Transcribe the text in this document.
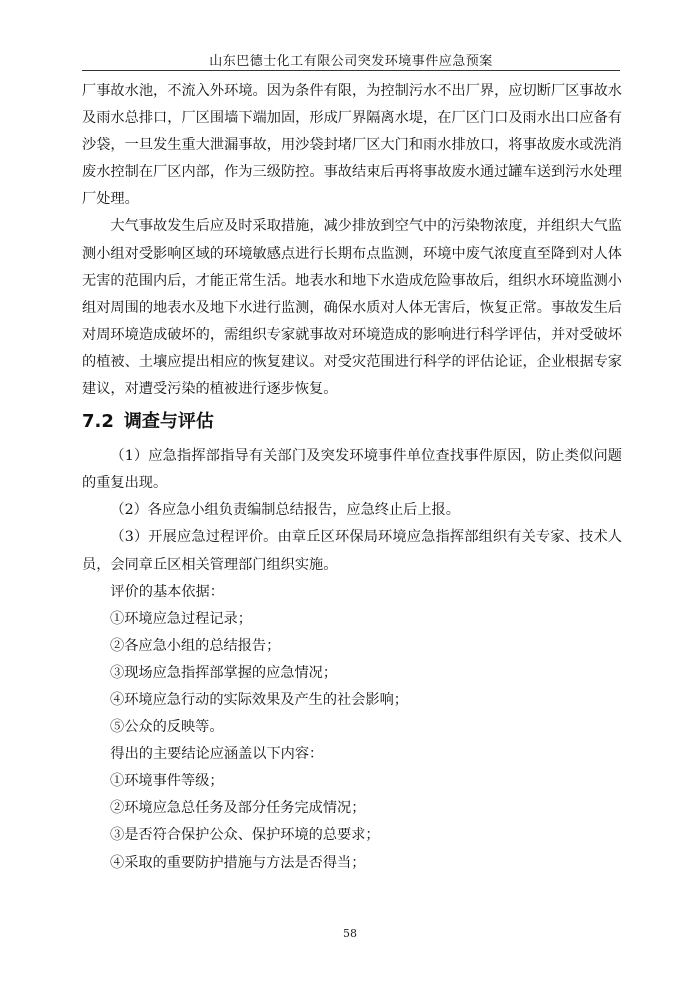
山东巴德士化工有限公司突发环境事件应急预案

厂事故水池，不流入外环境。因为条件有限，为控制污水不出厂界，应切断厂区事故水及雨水总排口，厂区围墙下端加固，形成厂界隔离水堤，在厂区门口及雨水出口应备有沙袋，一旦发生重大泄漏事故，用沙袋封堵厂区大门和雨水排放口，将事故废水或洗消废水控制在厂区内部，作为三级防控。事故结束后再将事故废水通过罐车送到污水处理厂处理。

大气事故发生后应及时采取措施，减少排放到空气中的污染物浓度，并组织大气监测小组对受影响区域的环境敏感点进行长期布点监测，环境中废气浓度直至降到对人体无害的范围内后，才能正常生活。地表水和地下水造成危险事故后，组织水环境监测小组对周围的地表水及地下水进行监测，确保水质对人体无害后，恢复正常。事故发生后对周环境造成破坏的，需组织专家就事故对环境造成的影响进行科学评估，并对受破坏的植被、土壤应提出相应的恢复建议。对受灾范围进行科学的评估论证，企业根据专家建议，对遭受污染的植被进行逐步恢复。

7.2 调查与评估

（1）应急指挥部指导有关部门及突发环境事件单位查找事件原因，防止类似问题的重复出现。

（2）各应急小组负责编制总结报告，应急终止后上报。

（3）开展应急过程评价。由章丘区环保局环境应急指挥部组织有关专家、技术人员，会同章丘区相关管理部门组织实施。

评价的基本依据：

①环境应急过程记录；

②各应急小组的总结报告；

③现场应急指挥部掌握的应急情况；

④环境应急行动的实际效果及产生的社会影响；

⑤公众的反映等。

得出的主要结论应涵盖以下内容：

①环境事件等级；

②环境应急总任务及部分任务完成情况；

③是否符合保护公众、保护环境的总要求；

④采取的重要防护措施与方法是否得当；

58
